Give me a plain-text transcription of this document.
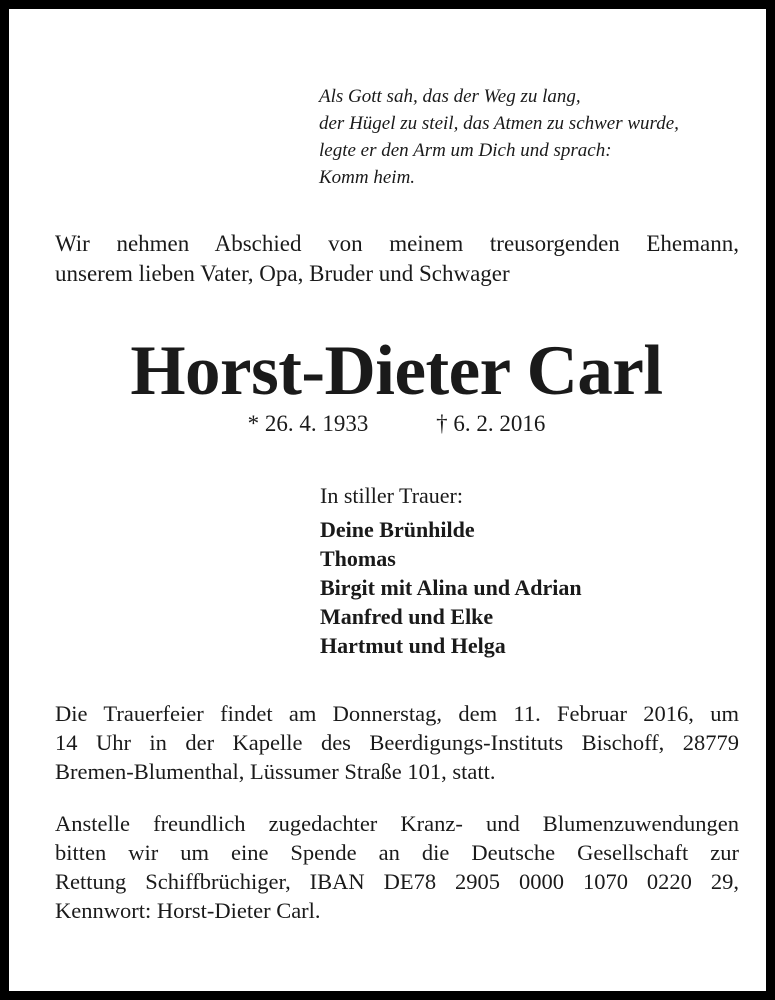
Als Gott sah, das der Weg zu lang,
der Hügel zu steil, das Atmen zu schwer wurde,
legte er den Arm um Dich und sprach:
Komm heim.
Wir nehmen Abschied von meinem treusorgenden Ehemann,
unserem lieben Vater, Opa, Bruder und Schwager
Horst-Dieter Carl
* 26. 4. 1933	† 6. 2. 2016
In stiller Trauer:
Deine Brünhilde
Thomas
Birgit mit Alina und Adrian
Manfred und Elke
Hartmut und Helga
Die Trauerfeier findet am Donnerstag, dem 11. Februar 2016, um
14 Uhr in der Kapelle des Beerdigungs-Instituts Bischoff, 28779
Bremen-Blumenthal, Lüssumer Straße 101, statt.
Anstelle freundlich zugedachter Kranz- und Blumenzuwendungen
bitten wir um eine Spende an die Deutsche Gesellschaft zur
Rettung Schiffbrüchiger, IBAN DE78 2905 0000 1070 0220 29,
Kennwort: Horst-Dieter Carl.
